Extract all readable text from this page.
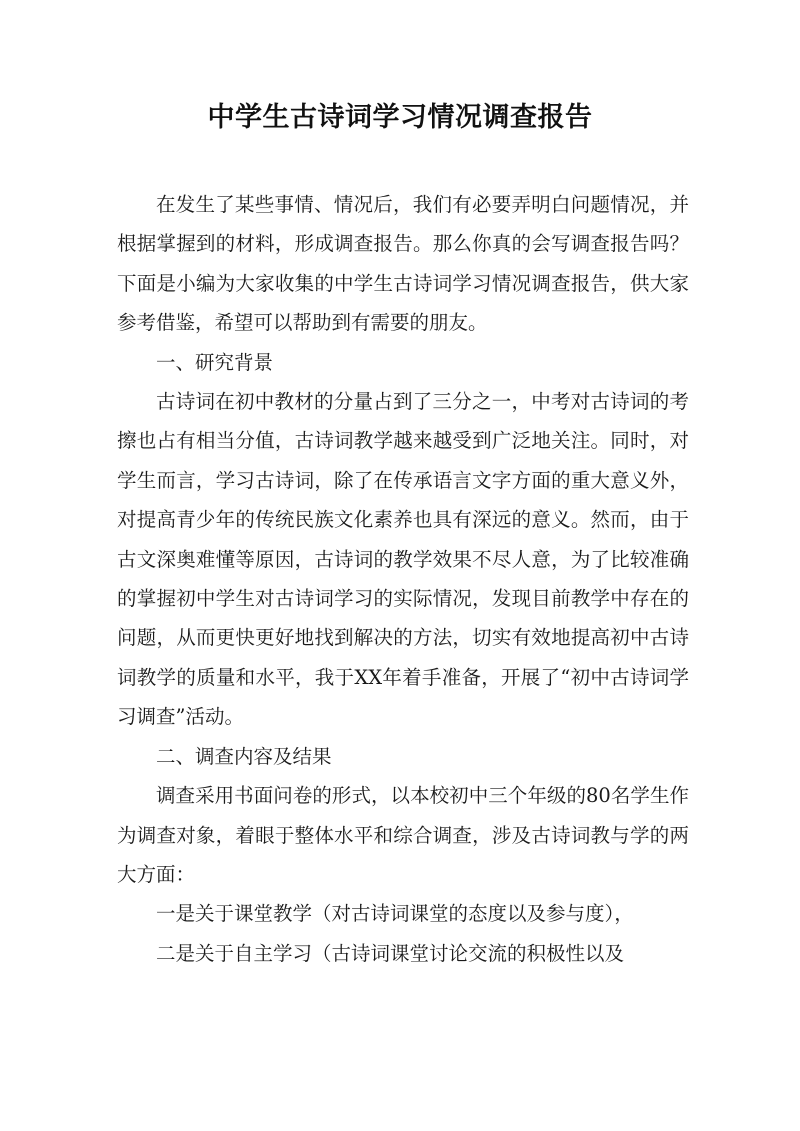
中学生古诗词学习情况调查报告

在发生了某些事情、情况后，我们有必要弄明白问题情况，并根据掌握到的材料，形成调查报告。那么你真的会写调查报告吗？下面是小编为大家收集的中学生古诗词学习情况调查报告，供大家参考借鉴，希望可以帮助到有需要的朋友。

一、研究背景

古诗词在初中教材的分量占到了三分之一，中考对古诗词的考擦也占有相当分值，古诗词教学越来越受到广泛地关注。同时，对学生而言，学习古诗词，除了在传承语言文字方面的重大意义外，对提高青少年的传统民族文化素养也具有深远的意义。然而，由于古文深奥难懂等原因，古诗词的教学效果不尽人意，为了比较准确的掌握初中学生对古诗词学习的实际情况，发现目前教学中存在的问题，从而更快更好地找到解决的方法，切实有效地提高初中古诗词教学的质量和水平，我于XX年着手准备，开展了“初中古诗词学习调查”活动。

二、调查内容及结果

调查采用书面问卷的形式，以本校初中三个年级的80名学生作为调查对象，着眼于整体水平和综合调查，涉及古诗词教与学的两大方面：

一是关于课堂教学（对古诗词课堂的态度以及参与度），

二是关于自主学习（古诗词课堂讨论交流的积极性以及
